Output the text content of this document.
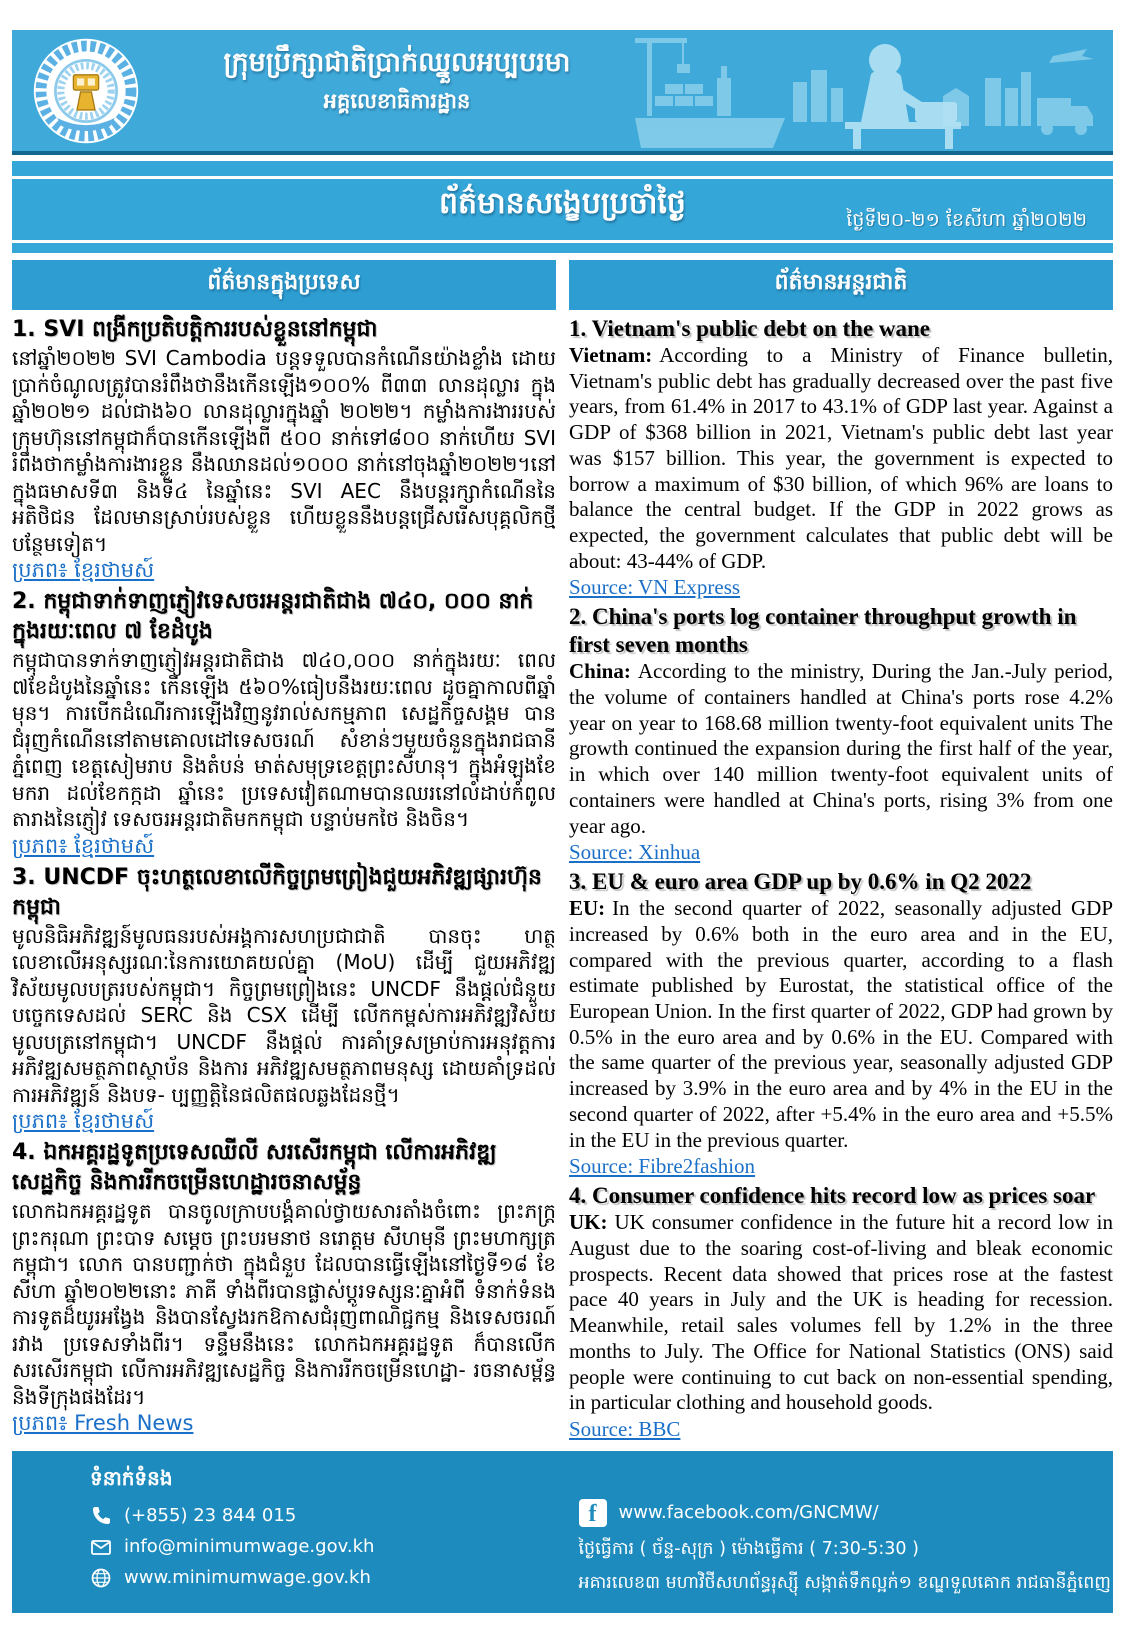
ក្រុមប្រឹក្សាជាតិប្រាក់ឈ្នួលអប្បបរមា
អគ្គលេខាធិការដ្ឋាន
ព័ត៌មានសង្ខេបប្រចាំថ្ងៃ	ថ្ងៃទី២០-២១ ខែសីហា ឆ្នាំ២០២២
ព័ត៌មានក្នុងប្រទេស
1. SVI ពង្រីកប្រតិបត្តិការរបស់ខ្លួននៅកម្ពុជា

នៅឆ្នាំ២០២២ SVI Cambodia បន្តទទួលបានកំណើនយ៉ាងខ្លាំង ដោយប្រាក់ចំណូលត្រូវបានរំពឹងថានឹងកើនឡើង១០០% ពី៣៣ លានដុល្លារ ក្នុងឆ្នាំ២០២១ ដល់ជាង៦០ លានដុល្លារក្នុងឆ្នាំ ២០២២។ កម្លាំងការងាររបស់ក្រុមហ៊ុននៅកម្ពុជាក៏បានកើនឡើងពី ៥០០ នាក់ទៅ៨០០ នាក់ហើយ SVI រំពឹងថាកម្លាំងការងារខ្លួន នឹងឈានដល់១០០០ នាក់នៅចុងឆ្នាំ២០២២។នៅក្នុងធមាសទី៣ និងទី៤ នៃឆ្នាំនេះ SVI AEC នឹងបន្តរក្សាកំណើននៃអតិថិជន ដែលមានស្រាប់របស់ខ្លួន ហើយខ្លួននឹងបន្តជ្រើសរើសបុគ្គលិកថ្មី បន្ថែមទៀត។

ប្រភព៖ ខ្មែរថាមស៍
2. កម្ពុជាទាក់ទាញភ្ញៀវទេសចរអន្តរជាតិជាង ៧៤០, ០០០ នាក់ ក្នុងរយៈពេល ៧ ខែដំបូង

កម្ពុជាបានទាក់ទាញភ្ញៀវអន្តរជាតិជាង ៧៤០,០០០ នាក់ក្នុងរយៈ ពេល ៧ខែដំបូងនៃឆ្នាំនេះ កើនឡើង ៥៦០%ធៀបនឹងរយៈពេល ដូចគ្នាកាលពីឆ្នាំមុន។ ការបើកដំណើរការឡើងវិញនូវរាល់សកម្មភាព សេដ្ឋកិច្ចសង្គម បានជំរុញកំណើននៅតាមគោលដៅទេសចរណ៍ សំខាន់ៗមួយចំនួនក្នុងរាជធានីភ្នំពេញ ខេត្តសៀមរាប និងតំបន់ មាត់សមុទ្រខេត្តព្រះសីហនុ។ ក្នុងអំឡុងខែមករា ដល់ខែកក្កដា ឆ្នាំនេះ ប្រទេសវៀតណាមបានឈរនៅលំដាប់កំពូលតារាងនៃភ្ញៀវ ទេសចរអន្តរជាតិមកកម្ពុជា បន្ទាប់មកថៃ និងចិន។

ប្រភព៖ ខ្មែរថាមស៍
3. UNCDF ចុះហត្ថលេខាលើកិច្ចព្រមព្រៀងជួយអភិវឌ្ឍផ្សារហ៊ុនកម្ពុជា

មូលនិធិអភិវឌ្ឍន៍មូលធនរបស់អង្គការសហប្រជាជាតិ បានចុះ ហត្ថលេខាលើអនុស្សរណៈនៃការយោគយល់គ្នា (MoU) ដើម្បី ជួយអភិវឌ្ឍវិស័យមូលបត្ររបស់កម្ពុជា។ កិច្ចព្រមព្រៀងនេះ UNCDF នឹងផ្តល់ជំនួយបច្ចេកទេសដល់ SERC និង CSX ដើម្បី លើកកម្ពស់ការអភិវឌ្ឍវិស័យមូលបត្រនៅកម្ពុជា។ UNCDF នឹងផ្តល់ ការគាំទ្រសម្រាប់ការអនុវត្តការអភិវឌ្ឍសមត្ថភាពស្ថាប័ន និងការ អភិវឌ្ឍសមត្ថភាពមនុស្ស ដោយគាំទ្រដល់ការអភិវឌ្ឍន៍ និងបទ- ប្បញ្ញត្តិនៃផលិតផលឆ្លងដែនថ្មី។

ប្រភព៖ ខ្មែរថាមស៍
4. ឯកអគ្គរដ្ឋទូតប្រទេសឈីលី សរសើរកម្ពុជា លើការអភិវឌ្ឍ សេដ្ឋកិច្ច និងការរីកចម្រើនហេដ្ឋារចនាសម្ព័ន្ធ

លោកឯកអគ្គរដ្ឋទូត បានចូលក្រាបបង្គំគាល់ថ្វាយសារតាំងចំពោះ ព្រះភក្ត្រ ព្រះករុណា ព្រះបាទ សម្តេច ព្រះបរមនាថ នរោត្តម សីហមុនី ព្រះមហាក្សត្រកម្ពុជា។ លោក បានបញ្ជាក់ថា ក្នុងជំនួប ដែលបានធ្វើឡើងនៅថ្ងៃទី១៨ ខែសីហា ឆ្នាំ២០២២នោះ ភាគី ទាំងពីរបានផ្លាស់ប្តូរទស្សនៈគ្នាអំពី ទំនាក់ទំនងការទូតដ៏យូរអង្វែង និងបានស្វែងរកឱកាសជំរុញពាណិជ្ជកម្ម និងទេសចរណ៍រវាង ប្រទេសទាំងពីរ។ ទន្ទឹមនឹងនេះ លោកឯកអគ្គរដ្ឋទូត ក៏បានលើក សរសើរកម្ពុជា លើការអភិវឌ្ឍសេដ្ឋកិច្ច និងការរីកចម្រើនហេដ្ឋា- រចនាសម្ព័ន្ធ និងទីក្រុងផងដែរ។

ប្រភព៖ Fresh News
ព័ត៌មានអន្តរជាតិ
1. Vietnam's public debt on the wane

Vietnam: According to a Ministry of Finance bulletin, Vietnam's public debt has gradually decreased over the past five years, from 61.4% in 2017 to 43.1% of GDP last year. Against a GDP of $368 billion in 2021, Vietnam's public debt last year was $157 billion. This year, the government is expected to borrow a maximum of $30 billion, of which 96% are loans to balance the central budget. If the GDP in 2022 grows as expected, the government calculates that public debt will be about: 43-44% of GDP.

Source: VN Express
2. China's ports log container throughput growth in first seven months

China: According to the ministry, During the Jan.-July period, the volume of containers handled at China's ports rose 4.2% year on year to 168.68 million twenty-foot equivalent units The growth continued the expansion during the first half of the year, in which over 140 million twenty-foot equivalent units of containers were handled at China's ports, rising 3% from one year ago.

Source: Xinhua
3. EU & euro area GDP up by 0.6% in Q2 2022

EU: In the second quarter of 2022, seasonally adjusted GDP increased by 0.6% both in the euro area and in the EU, compared with the previous quarter, according to a flash estimate published by Eurostat, the statistical office of the European Union. In the first quarter of 2022, GDP had grown by 0.5% in the euro area and by 0.6% in the EU. Compared with the same quarter of the previous year, seasonally adjusted GDP increased by 3.9% in the euro area and by 4% in the EU in the second quarter of 2022, after +5.4% in the euro area and +5.5% in the EU in the previous quarter.

Source: Fibre2fashion
4. Consumer confidence hits record low as prices soar

UK: UK consumer confidence in the future hit a record low in August due to the soaring cost-of-living and bleak economic prospects. Recent data showed that prices rose at the fastest pace 40 years in July and the UK is heading for recession. Meanwhile, retail sales volumes fell by 1.2% in the three months to July. The Office for National Statistics (ONS) said people were continuing to cut back on non-essential spending, in particular clothing and household goods.

Source: BBC
ទំនាក់ទំនង
(+855) 23 844 015
info@minimumwage.gov.kh
www.minimumwage.gov.kh
f
www.facebook.com/GNCMW/
ថ្ងៃធ្វើការ ( ច័ន្ទ-សុក្រ ) ម៉ោងធ្វើការ ( 7:30-5:30 )
អគារលេខ៣ មហាវិថីសហព័ន្ធរុស្ស៊ី សង្កាត់ទឹកល្អក់១ ខណ្ឌទួលគោក រាជធានីភ្នំពេញ
